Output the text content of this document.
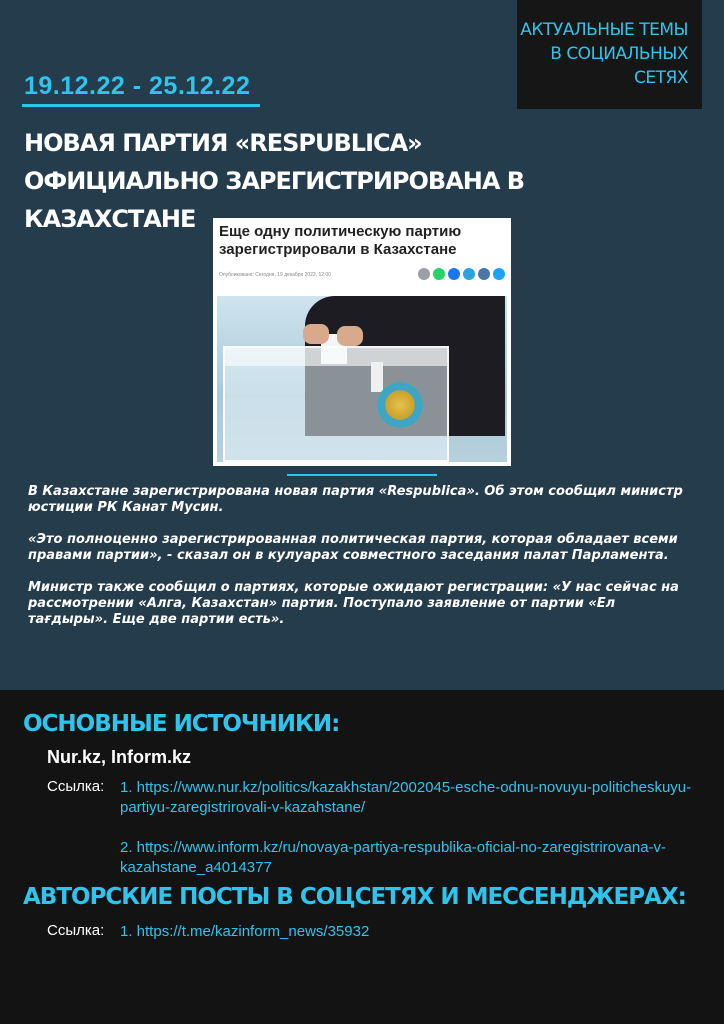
АКТУАЛЬНЫЕ ТЕМЫ
В СОЦИАЛЬНЫХ
СЕТЯХ
19.12.22 - 25.12.22
НОВАЯ ПАРТИЯ «RESPUBLICA» ОФИЦИАЛЬНО ЗАРЕГИСТРИРОВАНА В КАЗАХСТАНЕ	Еще одну политическую партию зарегистрировали в Казахстане
Опубликовано: Сегодня, 19 декабря 2022, 12:00

В Казахстане зарегистрирована новая партия «Respublica». Об этом сообщил министр юстиции РК Канат Мусин.

«Это полноценно зарегистрированная политическая партия, которая обладает всеми правами партии», - сказал он в кулуарах совместного заседания палат Парламента.

Министр также сообщил о партиях, которые ожидают регистрации: «У нас сейчас на рассмотрении «Алга, Казахстан» партия. Поступало заявление от партии «Ел тағдыры». Еще две партии есть».

ОСНОВНЫЕ ИСТОЧНИКИ:
Nur.kz, Inform.kz
Ссылка: 1. https://www.nur.kz/politics/kazakhstan/2002045-esche-odnu-novuyu-politicheskuyu-partiyu-zaregistrirovali-v-kazahstane/
2. https://www.inform.kz/ru/novaya-partiya-respublika-oficial-no-zaregistrirovana-v-kazahstane_a4014377
АВТОРСКИЕ ПОСТЫ В СОЦСЕТЯХ И МЕССЕНДЖЕРАХ:
Ссылка: 1. https://t.me/kazinform_news/35932
